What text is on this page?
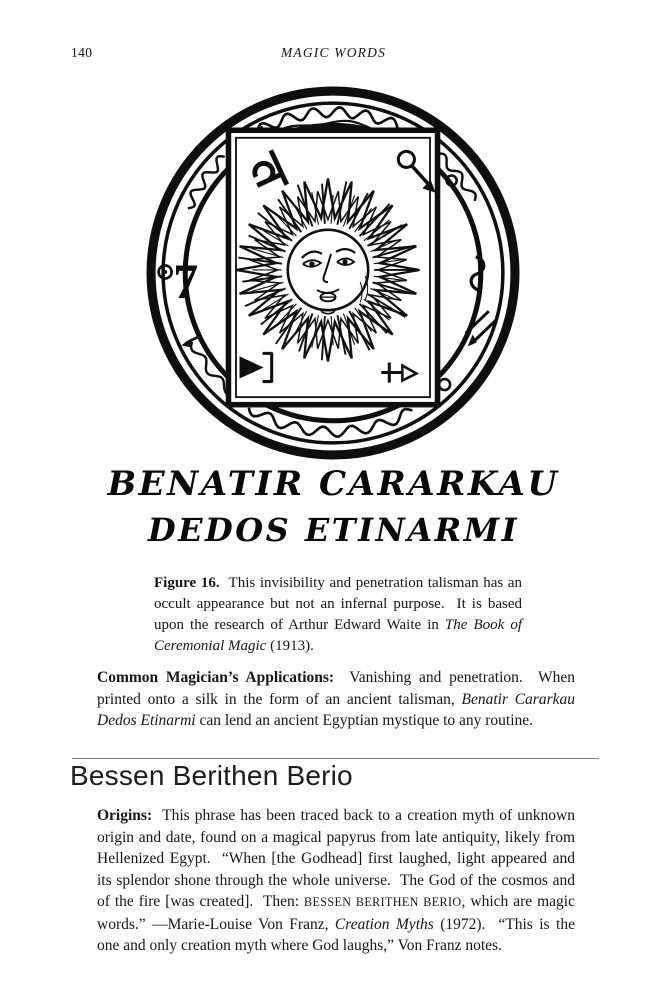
140	MAGIC WORDS
7
♃
BENATIR CARARKAU
DEDOS ETINARMI
Figure 16.  This invisibility and penetration talisman has an occult appearance but not an infernal purpose.  It is based upon the research of Arthur Edward Waite in The Book of Ceremonial Magic (1913).
Common Magician’s Applications:  Vanishing and penetration.  When printed onto a silk in the form of an ancient talisman, Benatir Cararkau Dedos Etinarmi can lend an ancient Egyptian mystique to any routine.
Bessen Berithen Berio
Origins:  This phrase has been traced back to a creation myth of unknown origin and date, found on a magical papyrus from late antiquity, likely from Hellenized Egypt.  “When [the Godhead] first laughed, light appeared and its splendor shone through the whole universe.  The God of the cosmos and of the fire [was created].  Then: BESSEN BERITHEN BERIO, which are magic words.” —Marie-Louise Von Franz, Creation Myths (1972).  “This is the one and only creation myth where God laughs,” Von Franz notes.
